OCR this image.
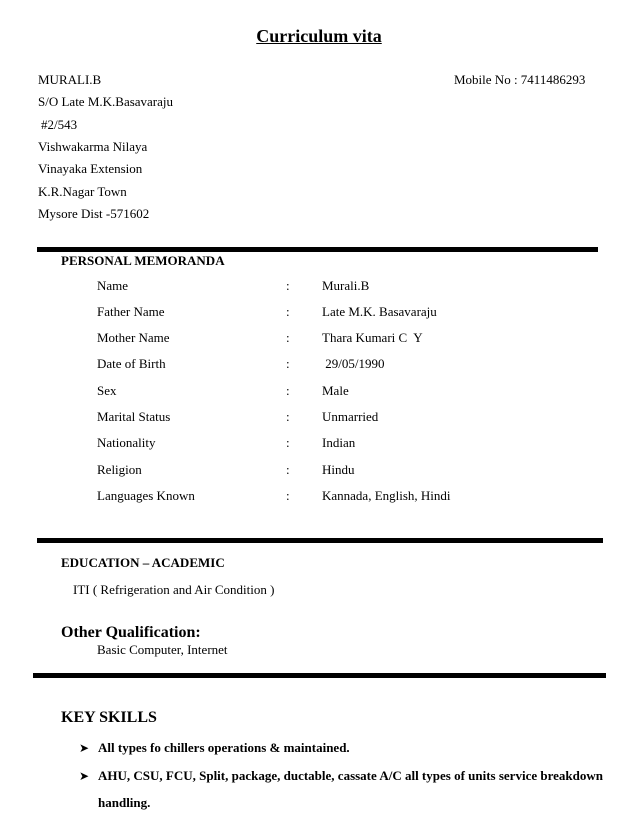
Curriculum vita
MURALI.B	Mobile No : 7411486293
S/O Late M.K.Basavaraju
#2/543
Vishwakarma Nilaya
Vinayaka Extension
K.R.Nagar Town
Mysore Dist -571602
PERSONAL MEMORANDA
Name	: Murali.B
Father Name	: Late M.K. Basavaraju
Mother Name	: Thara Kumari C  Y
Date of Birth	: 29/05/1990
Sex	: Male
Marital Status	: Unmarried
Nationality	: Indian
Religion	: Hindu
Languages Known	: Kannada, English, Hindi
EDUCATION – ACADEMIC
ITI ( Refrigeration and Air Condition )
Other Qualification:
Basic Computer, Internet
KEY SKILLS
➤ All types fo chillers operations & maintained.
➤ AHU, CSU, FCU, Split, package, ductable, cassate A/C all types of units service breakdown
handling.
